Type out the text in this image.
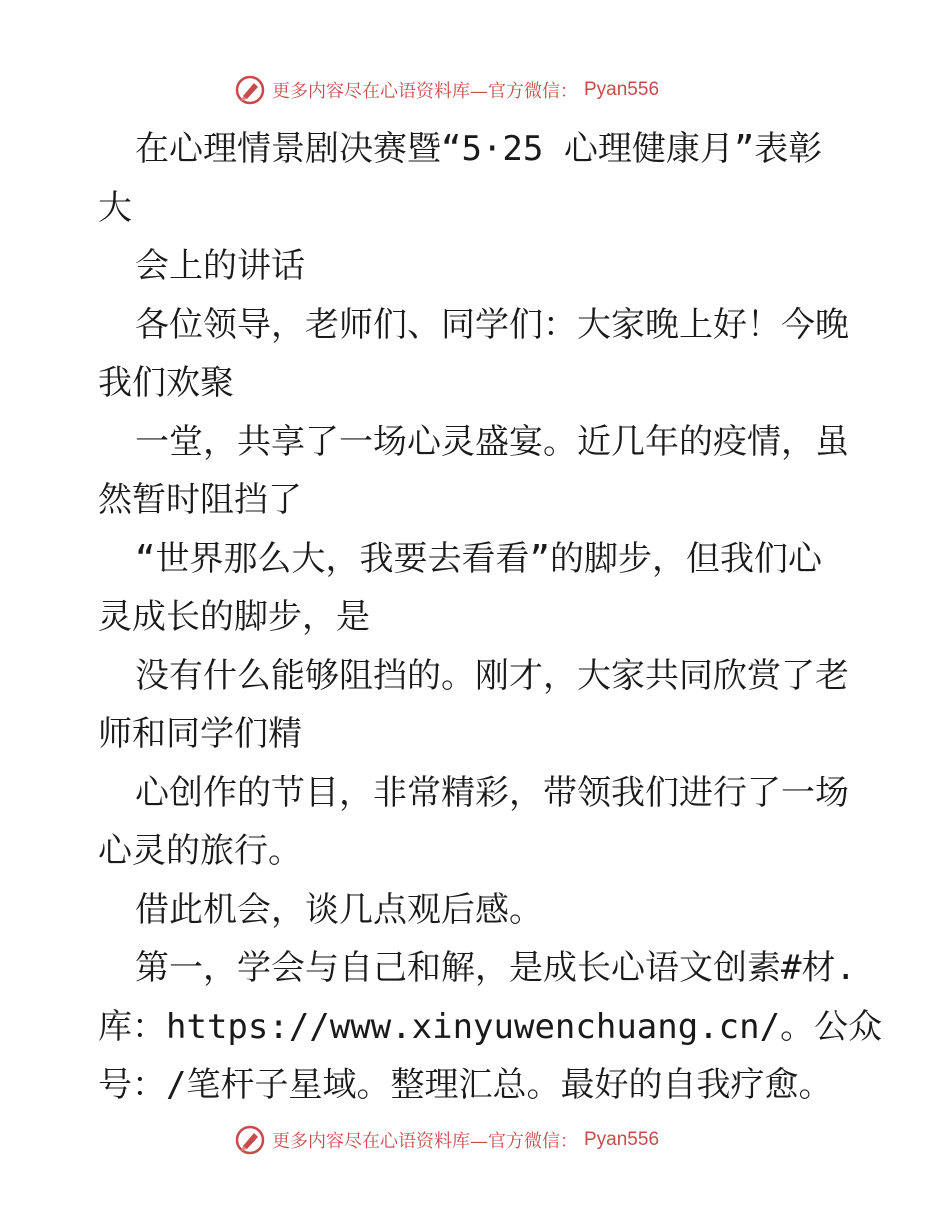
更多内容尽在心语资料库—官方微信： Pyan556
在心理情景剧决赛暨“5·25 心理健康月”表彰
大
会上的讲话
各位领导，老师们、同学们：大家晚上好！今晚
我们欢聚
一堂，共享了一场心灵盛宴。近几年的疫情，虽
然暂时阻挡了
“世界那么大，我要去看看”的脚步，但我们心
灵成长的脚步，是
没有什么能够阻挡的。刚才，大家共同欣赏了老
师和同学们精
心创作的节目，非常精彩，带领我们进行了一场
心灵的旅行。
借此机会，谈几点观后感。
第一，学会与自己和解，是成长心语文创素#材.
库：https://www.xinyuwenchuang.cn/。公众
号：/笔杆子星域。整理汇总。最好的自我疗愈。
更多内容尽在心语资料库—官方微信： Pyan556
